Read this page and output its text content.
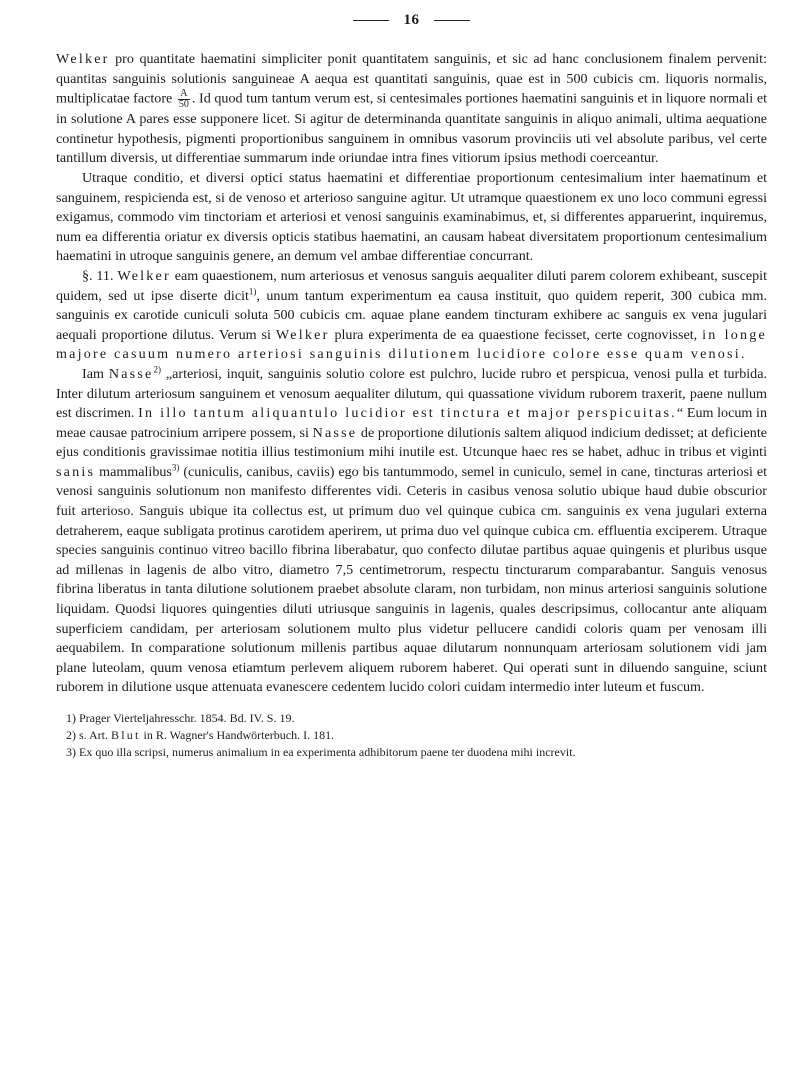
16

Welker pro quantitate haematini simpliciter ponit quantitatem sanguinis, et sic ad hanc conclusionem finalem pervenit: quantitas sanguinis solutionis sanguineae A aequa est quantitati sanguinis, quae est in 500 cubicis cm. liquoris normalis, multiplicatae factore $\frac{A}{50}$ . Id quod tum tantum verum est, si centesimales portiones haematini sanguinis et in liquore normali et in solutione A pares esse supponere licet. Si agitur de determinanda quantitate sanguinis in aliquo animali, ultima aequatione continetur hypothesis, pigmenti proportionibus sanguinem in omnibus vasorum provinciis uti vel absolute paribus, vel certe tantillum diversis, ut differentiae summarum inde oriundae intra fines vitiorum ipsius methodi coerceantur.

Utraque conditio, et diversi optici status haematini et differentiae proportionum centesimalium inter haematinum et sanguinem, respicienda est, si de venoso et arterioso sanguine agitur. Ut utramque quaestionem ex uno loco communi egressi exigamus, commodo vim tinctoriam et arteriosi et venosi sanguinis examinabimus, et, si differentes apparuerint, inquiremus, num ea differentia oriatur ex diversis opticis statibus haematini, an causam habeat diversitatem proportionum centesimalium haematini in utroque sanguinis genere, an demum vel ambae differentiae concurrant.

§. 11. Welker eam quaestionem, num arteriosus et venosus sanguis aequaliter diluti parem colorem exhibeant, suscepit quidem, sed ut ipse diserte dicit$^{1)}$, unum tantum experimentum ea causa instituit, quo quidem reperit, 300 cubica mm. sanguinis ex carotide cuniculi soluta 500 cubicis cm. aquae plane eandem tincturam exhibere ac sanguis ex vena jugulari aequali proportione dilutus. Verum si Welker plura experimenta de ea quaestione fecisset, certe cognovisset, in longe majore casuum numero arteriosi sanguinis dilutionem lucidiore colore esse quam venosi.

Iam Nasse$^{2)}$ „arteriosi, inquit, sanguinis solutio colore est pulchro, lucide rubro et perspicua, venosi pulla et turbida. Inter dilutum arteriosum sanguinem et venosum aequaliter dilutum, qui quassatione vividum ruborem traxerit, paene nullum est discrimen. In illo tantum aliquantulo lucidior est tinctura et major perspicuitas.“ Eum locum in meae causae patrocinium arripere possem, si Nasse de proportione dilutionis saltem aliquod indicium dedisset; at deficiente ejus conditionis gravissimae notitia illius testimonium mihi inutile est. Utcunque haec res se habet, adhuc in tribus et viginti sanis mammalibus$^{3)}$ (cuniculis, canibus, caviis) ego bis tantummodo, semel in cuniculo, semel in cane, tincturas arteriosi et venosi sanguinis solutionum non manifesto differentes vidi. Ceteris in casibus venosa solutio ubique haud dubie obscurior fuit arterioso. Sanguis ubique ita collectus est, ut primum duo vel quinque cubica cm. sanguinis ex vena jugulari externa detraherem, eaque subligata protinus carotidem aperirem, ut prima duo vel quinque cubica cm. effluentia exciperem. Utraque species sanguinis continuo vitreo bacillo fibrina liberabatur, quo confecto dilutae partibus aquae quingenis et pluribus usque ad millenas in lagenis de albo vitro, diametro 7,5 centimetrorum, respectu tincturarum comparabantur. Sanguis venosus fibrina liberatus in tanta dilutione solutionem praebet absolute claram, non turbidam, non minus arteriosi sanguinis solutione liquidam. Quodsi liquores quingenties diluti utriusque sanguinis in lagenis, quales descripsimus, collocantur ante aliquam superficiem candidam, per arteriosam solutionem multo plus videtur pellucere candidi coloris quam per venosam illi aequabilem. In comparatione solutionum millenis partibus aquae dilutarum nonnunquam arteriosam solutionem vidi jam plane luteolam, quum venosa etiamtum perlevem aliquem ruborem haberet. Qui operati sunt in diluendo sanguine, sciunt ruborem in dilutione usque attenuata evanescere cedentem lucido colori cuidam intermedio inter luteum et fuscum.

1) Prager Vierteljahresschr. 1854. Bd. IV. S. 19.
2) s. Art. Blut in R. Wagner's Handwörterbuch. I. 181.
3) Ex quo illa scripsi, numerus animalium in ea experimenta adhibitorum paene ter duodena mihi increvit.
